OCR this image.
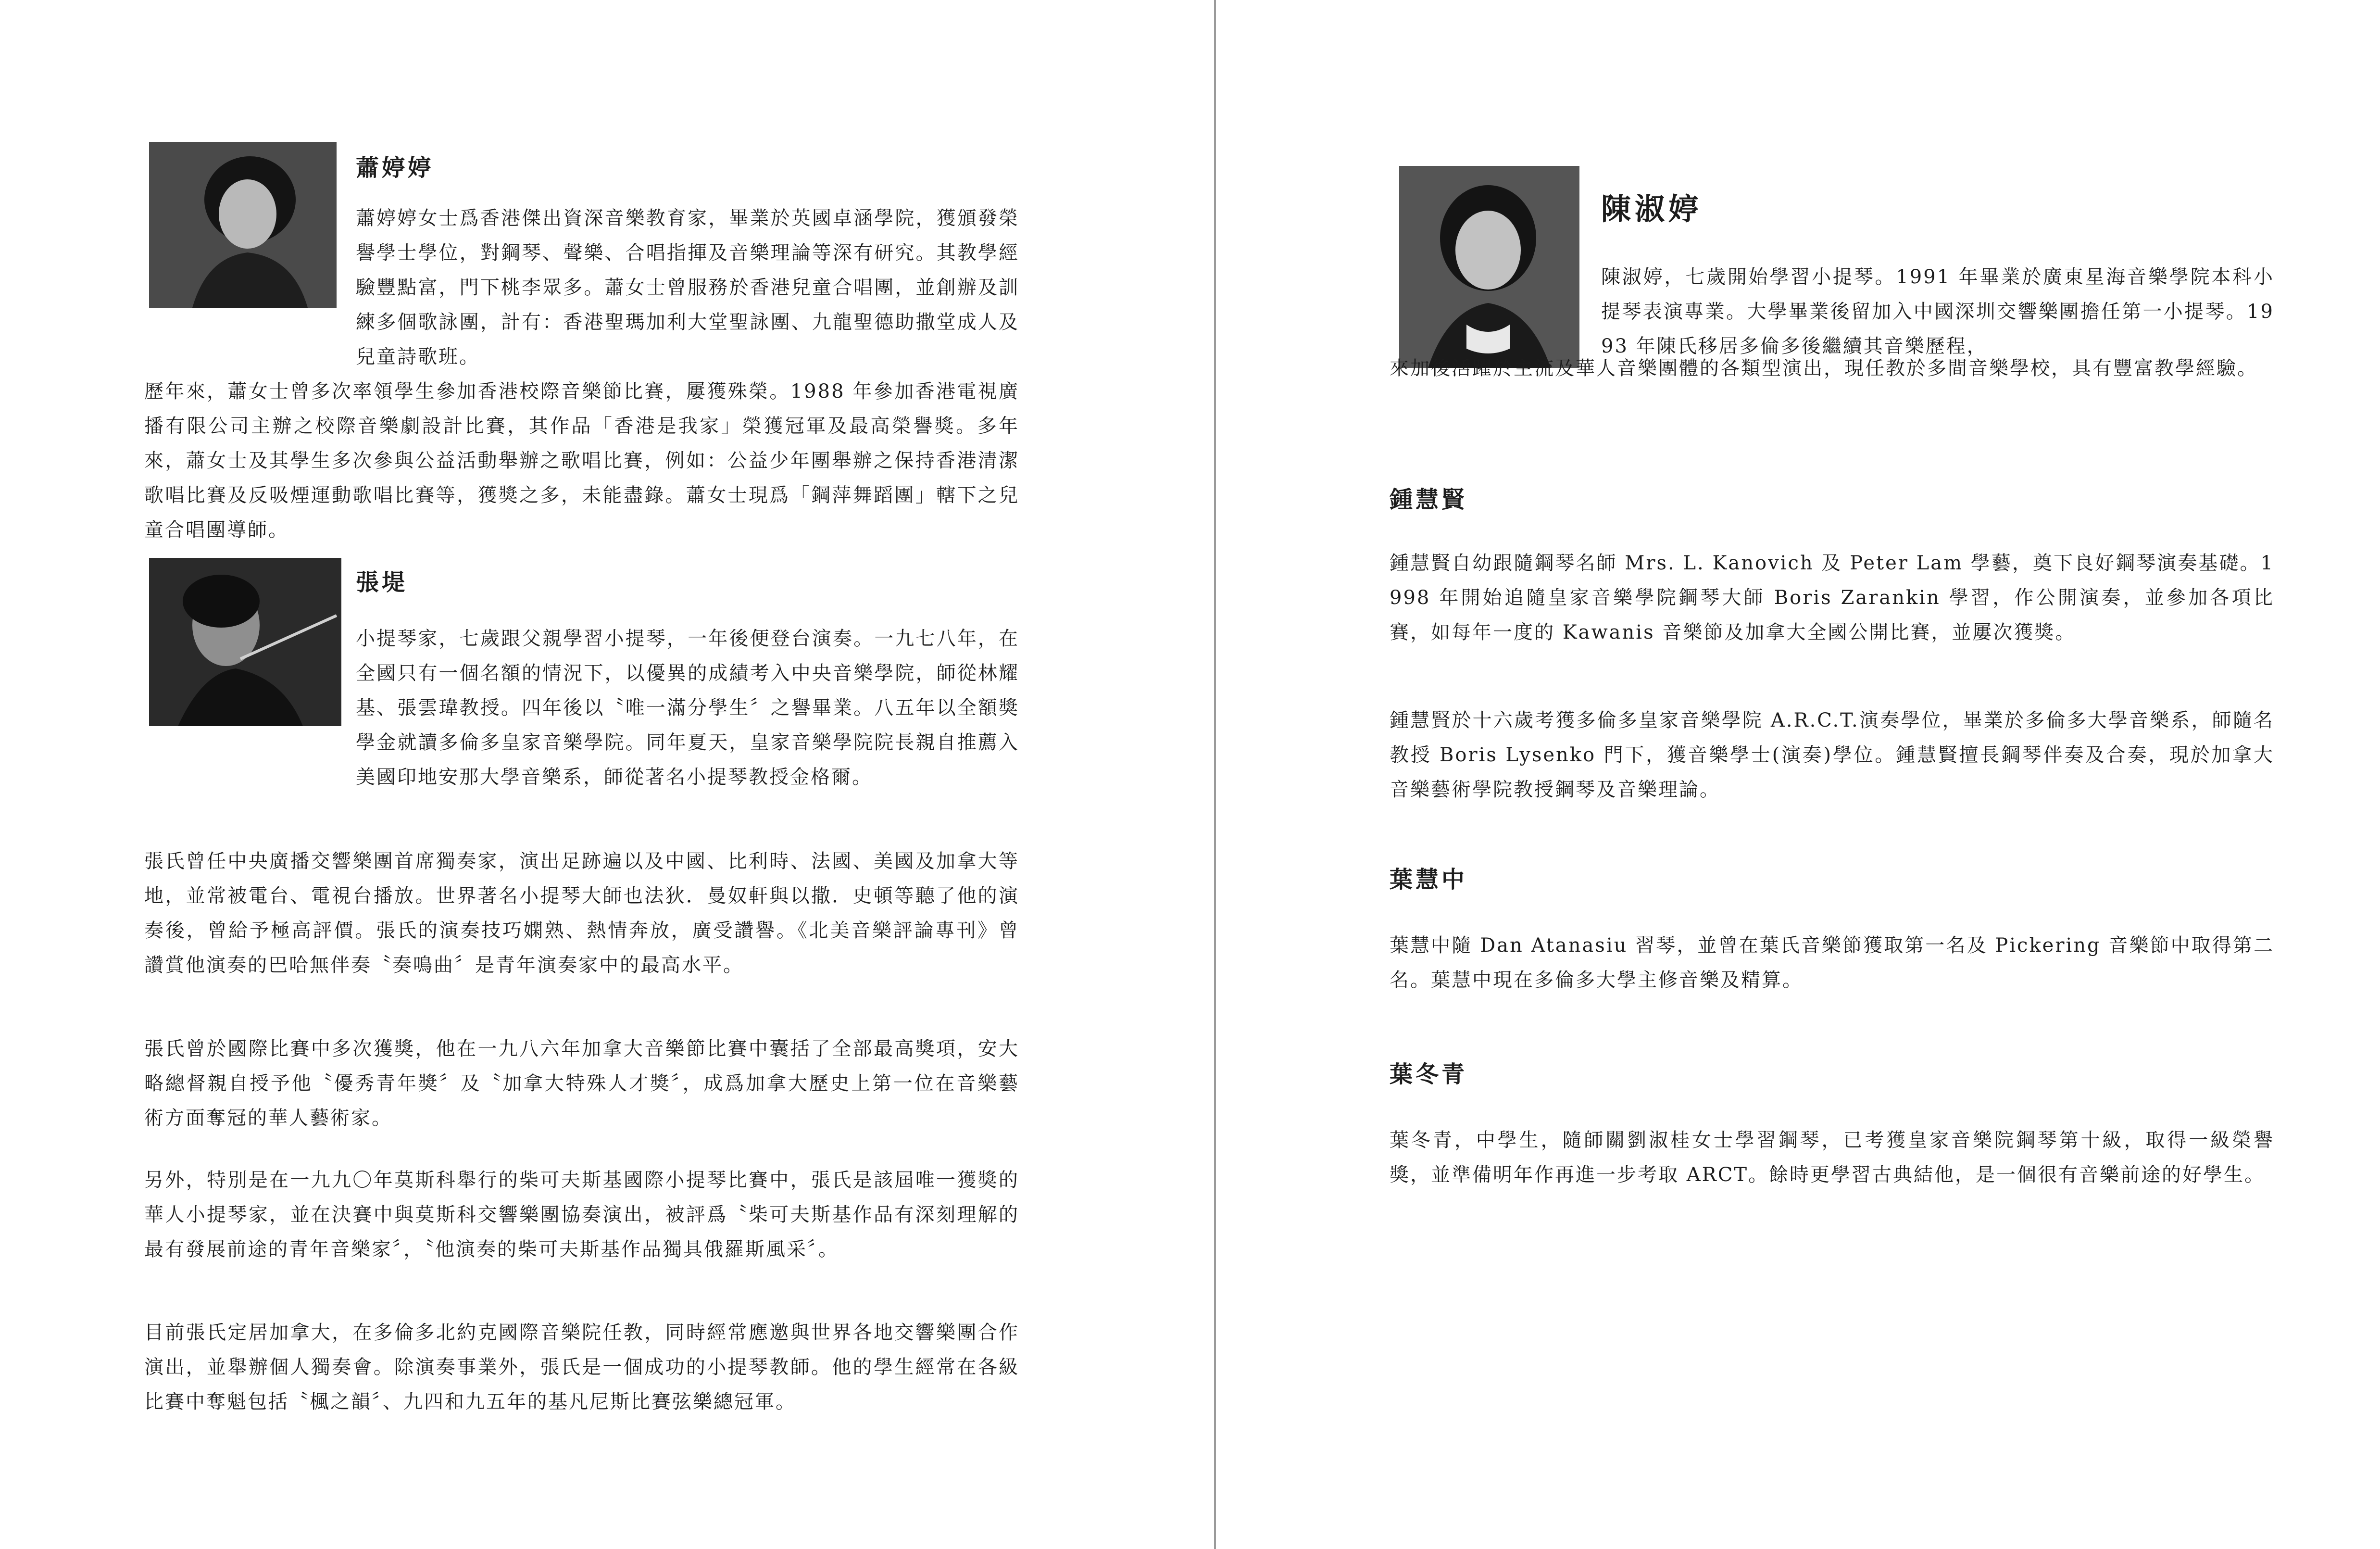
蕭婷婷

蕭婷婷女士爲香港傑出資深音樂教育家，畢業於英國卓涵學院，獲頒發榮譽學士學位，對鋼琴、聲樂、合唱指揮及音樂理論等深有研究。其教學經驗豐點富，門下桃李眾多。蕭女士曾服務於香港兒童合唱團，並創辦及訓練多個歌詠團，計有：香港聖瑪加利大堂聖詠團、九龍聖德助撒堂成人及兒童詩歌班。

歷年來，蕭女士曾多次率領學生參加香港校際音樂節比賽，屢獲殊榮。1988 年參加香港電視廣播有限公司主辦之校際音樂劇設計比賽，其作品「香港是我家」榮獲冠軍及最高榮譽獎。多年來，蕭女士及其學生多次參與公益活動舉辦之歌唱比賽，例如：公益少年團舉辦之保持香港清潔歌唱比賽及反吸煙運動歌唱比賽等，獲獎之多，未能盡錄。蕭女士現爲「鋼萍舞蹈團」轄下之兒童合唱團導師。

張堤

小提琴家，七歲跟父親學習小提琴，一年後便登台演奏。一九七八年，在全國只有一個名額的情況下，以優異的成績考入中央音樂學院，師從林耀基、張雲瑋教授。四年後以〝唯一滿分學生〞之譽畢業。八五年以全額獎學金就讀多倫多皇家音樂學院。同年夏天，皇家音樂學院院長親自推薦入美國印地安那大學音樂系，師從著名小提琴教授金格爾。

張氏曾任中央廣播交響樂團首席獨奏家，演出足跡遍以及中國、比利時、法國、美國及加拿大等地，並常被電台、電視台播放。世界著名小提琴大師也法狄．曼奴軒與以撒．史頓等聽了他的演奏後，曾給予極高評價。張氏的演奏技巧嫻熟、熱情奔放，廣受讚譽。《北美音樂評論專刊》曾讚賞他演奏的巴哈無伴奏〝奏鳴曲〞是青年演奏家中的最高水平。

張氏曾於國際比賽中多次獲獎，他在一九八六年加拿大音樂節比賽中囊括了全部最高獎項，安大略總督親自授予他〝優秀青年獎〞及〝加拿大特殊人才獎〞，成爲加拿大歷史上第一位在音樂藝術方面奪冠的華人藝術家。

另外，特別是在一九九〇年莫斯科舉行的柴可夫斯基國際小提琴比賽中，張氏是該屆唯一獲獎的華人小提琴家，並在決賽中與莫斯科交響樂團協奏演出，被評爲〝柴可夫斯基作品有深刻理解的最有發展前途的青年音樂家〞，〝他演奏的柴可夫斯基作品獨具俄羅斯風采〞。

目前張氏定居加拿大，在多倫多北約克國際音樂院任教，同時經常應邀與世界各地交響樂團合作演出，並舉辦個人獨奏會。除演奏事業外，張氏是一個成功的小提琴教師。他的學生經常在各級比賽中奪魁包括〝楓之韻〞、九四和九五年的基凡尼斯比賽弦樂總冠軍。

陳淑婷

陳淑婷，七歲開始學習小提琴。1991 年畢業於廣東星海音樂學院本科小提琴表演專業。大學畢業後留加入中國深圳交響樂團擔任第一小提琴。1993 年陳氏移居多倫多後繼續其音樂歷程，

來加後活躍於主流及華人音樂團體的各類型演出，現任教於多間音樂學校，具有豐富教學經驗。

鍾慧賢

鍾慧賢自幼跟隨鋼琴名師 Mrs. L. Kanovich 及 Peter Lam 學藝，奠下良好鋼琴演奏基礎。1998 年開始追隨皇家音樂學院鋼琴大師 Boris Zarankin 學習，作公開演奏，並參加各項比賽，如每年一度的 Kawanis 音樂節及加拿大全國公開比賽，並屢次獲獎。

鍾慧賢於十六歲考獲多倫多皇家音樂學院 A.R.C.T.演奏學位，畢業於多倫多大學音樂系，師隨名教授 Boris Lysenko 門下，獲音樂學士(演奏)學位。鍾慧賢擅長鋼琴伴奏及合奏，現於加拿大音樂藝術學院教授鋼琴及音樂理論。

葉慧中

葉慧中隨 Dan Atanasiu 習琴，並曾在葉氏音樂節獲取第一名及 Pickering 音樂節中取得第二名。葉慧中現在多倫多大學主修音樂及精算。

葉冬青

葉冬青，中學生，隨師關劉淑桂女士學習鋼琴，已考獲皇家音樂院鋼琴第十級，取得一級榮譽獎，並準備明年作再進一步考取 ARCT。餘時更學習古典結他，是一個很有音樂前途的好學生。
